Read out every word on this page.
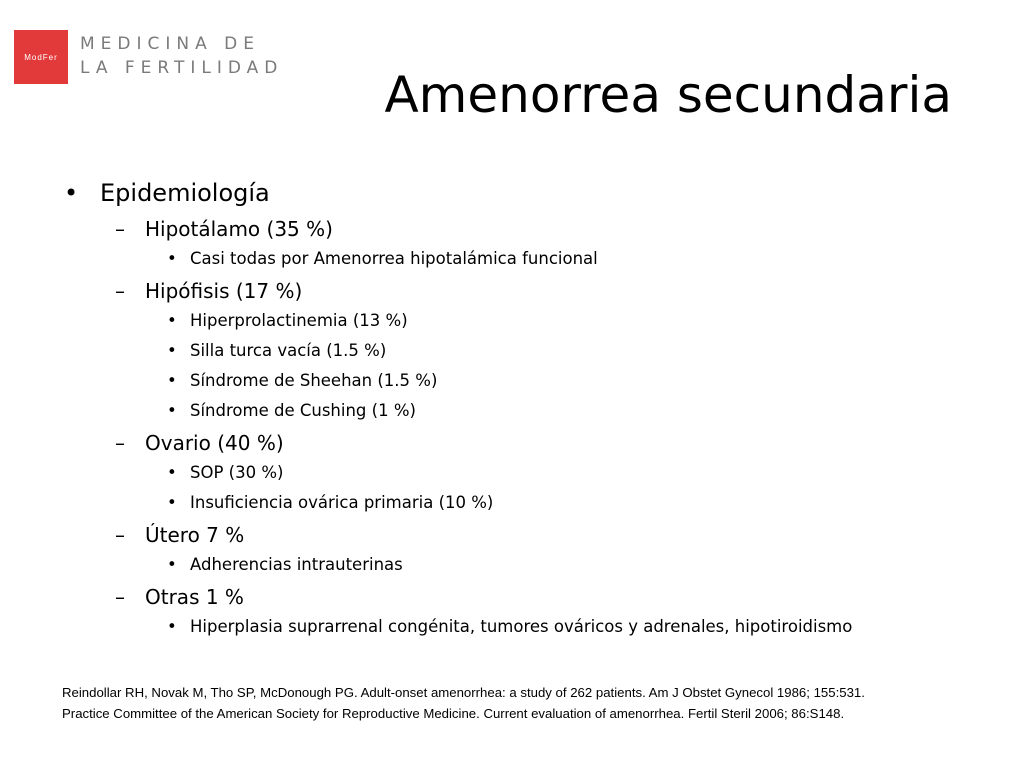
ModFer
MEDICINA DE
LA FERTILIDAD Amenorrea secundaria
• Epidemiología
– Hipotálamo (35 %)
• Casi todas por Amenorrea hipotalámica funcional
– Hipófisis (17 %)
• Hiperprolactinemia (13 %)
• Silla turca vacía (1.5 %)
• Síndrome de Sheehan (1.5 %)
• Síndrome de Cushing (1 %)
– Ovario (40 %)
• SOP (30 %)
• Insuficiencia ovárica primaria (10 %)
– Útero 7 %
• Adherencias intrauterinas
– Otras 1 %
• Hiperplasia suprarrenal congénita, tumores ováricos y adrenales, hipotiroidismo
Reindollar RH, Novak M, Tho SP, McDonough PG. Adult-onset amenorrhea: a study of 262 patients. Am J Obstet Gynecol 1986; 155:531.
Practice Committee of the American Society for Reproductive Medicine. Current evaluation of amenorrhea. Fertil Steril 2006; 86:S148.
